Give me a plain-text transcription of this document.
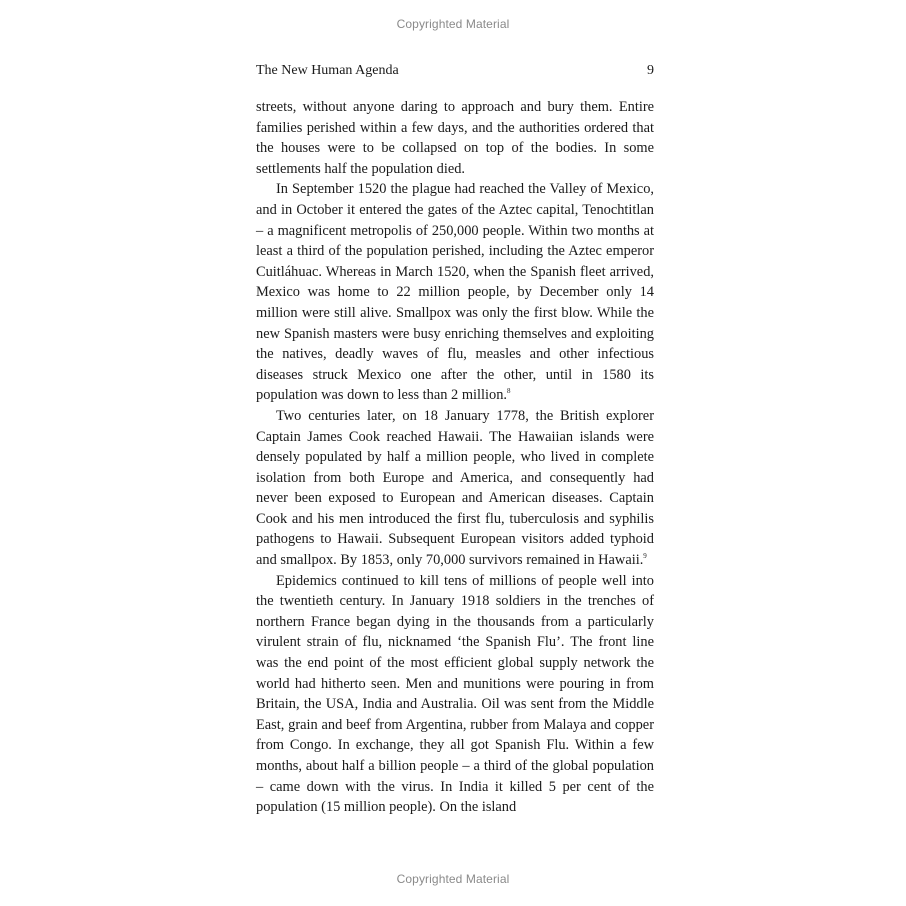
Copyrighted Material
The New Human Agenda	9

streets, without anyone daring to approach and bury them. Entire families perished within a few days, and the authorities ordered that the houses were to be collapsed on top of the bodies. In some settlements half the population died.

In September 1520 the plague had reached the Valley of Mexico, and in October it entered the gates of the Aztec capital, Tenochtitlan – a magnificent metropolis of 250,000 people. Within two months at least a third of the population perished, including the Aztec emperor Cuitláhuac. Whereas in March 1520, when the Spanish fleet arrived, Mexico was home to 22 million people, by December only 14 million were still alive. Smallpox was only the first blow. While the new Spanish masters were busy enriching themselves and exploiting the natives, deadly waves of flu, measles and other infectious diseases struck Mexico one after the other, until in 1580 its population was down to less than 2 million.$^8$

Two centuries later, on 18 January 1778, the British explorer Captain James Cook reached Hawaii. The Hawaiian islands were densely populated by half a million people, who lived in complete isolation from both Europe and America, and consequently had never been exposed to European and American diseases. Captain Cook and his men introduced the first flu, tuberculosis and syphilis pathogens to Hawaii. Subsequent European visitors added typhoid and smallpox. By 1853, only 70,000 survivors remained in Hawaii.$^9$

Epidemics continued to kill tens of millions of people well into the twentieth century. In January 1918 soldiers in the trenches of northern France began dying in the thousands from a particularly virulent strain of flu, nicknamed ‘the Spanish Flu’. The front line was the end point of the most efficient global supply network the world had hitherto seen. Men and munitions were pouring in from Britain, the USA, India and Australia. Oil was sent from the Middle East, grain and beef from Argentina, rubber from Malaya and copper from Congo. In exchange, they all got Spanish Flu. Within a few months, about half a billion people – a third of the global population – came down with the virus. In India it killed 5 per cent of the population (15 million people). On the island

Copyrighted Material
